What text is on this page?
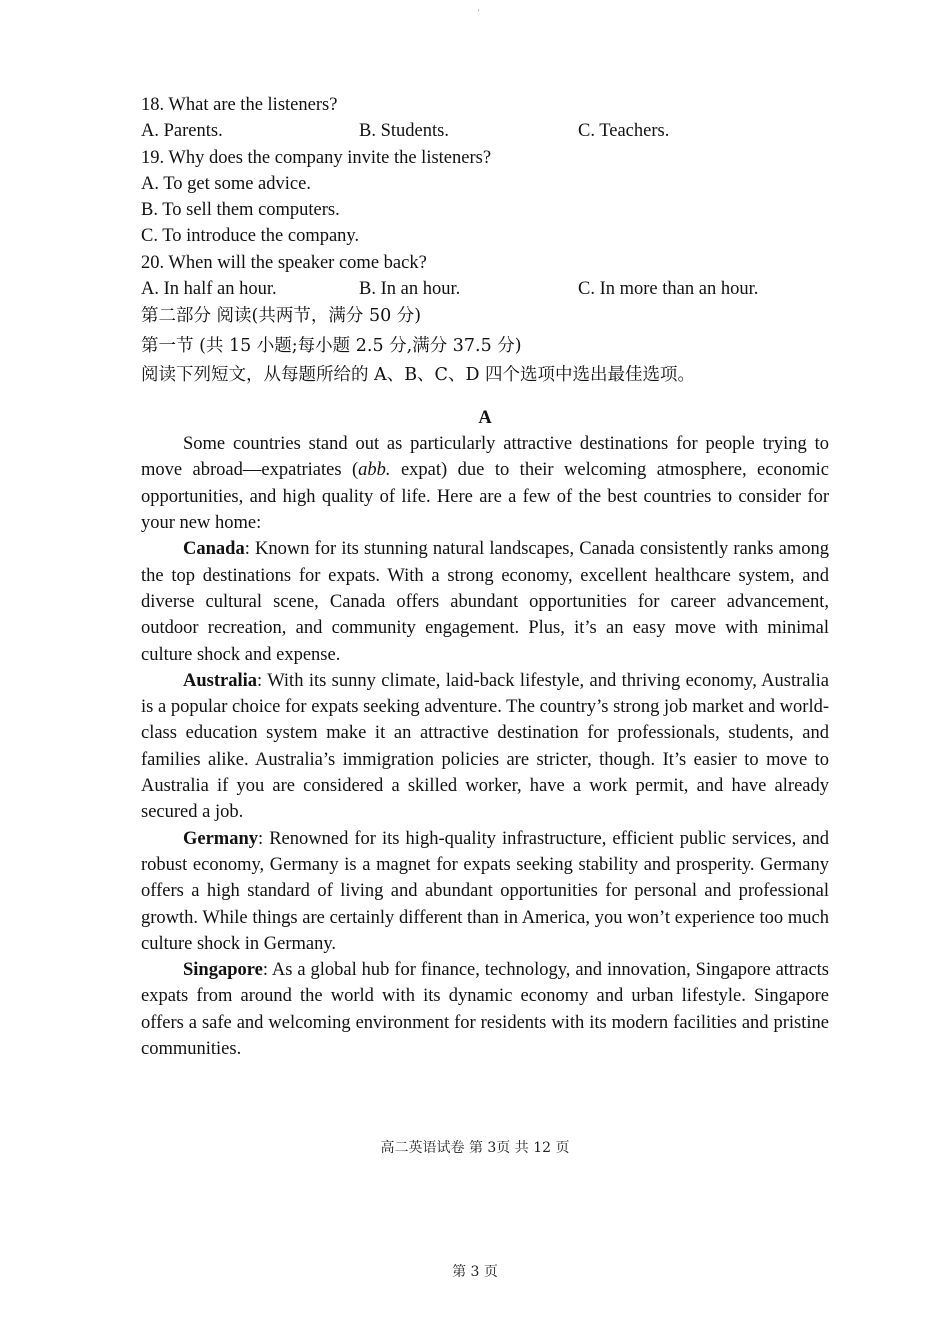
'
18. What are the listeners?
A. Parents.	B. Students.	C. Teachers.
19. Why does the company invite the listeners?
A. To get some advice.
B. To sell them computers.
C. To introduce the company.
20. When will the speaker come back?
A. In half an hour.	B. In an hour.	C. In more than an hour.
第二部分 阅读(共两节，满分 50 分)
第一节 (共 15 小题;每小题 2.5 分,满分 37.5 分)
阅读下列短文，从每题所给的 A、B、C、D 四个选项中选出最佳选项。
A

Some countries stand out as particularly attractive destinations for people trying to move abroad—expatriates (abb. expat) due to their welcoming atmosphere, economic opportunities, and high quality of life. Here are a few of the best countries to consider for your new home:

Canada: Known for its stunning natural landscapes, Canada consistently ranks among the top destinations for expats. With a strong economy, excellent healthcare system, and diverse cultural scene, Canada offers abundant opportunities for career advancement, outdoor recreation, and community engagement. Plus, it’s an easy move with minimal culture shock and expense.

Australia: With its sunny climate, laid-back lifestyle, and thriving economy, Australia is a popular choice for expats seeking adventure. The country’s strong job market and world-class education system make it an attractive destination for professionals, students, and families alike. Australia’s immigration policies are stricter, though. It’s easier to move to Australia if you are considered a skilled worker, have a work permit, and have already secured a job.

Germany: Renowned for its high-quality infrastructure, efficient public services, and robust economy, Germany is a magnet for expats seeking stability and prosperity. Germany offers a high standard of living and abundant opportunities for personal and professional growth. While things are certainly different than in America, you won’t experience too much culture shock in Germany.

Singapore: As a global hub for finance, technology, and innovation, Singapore attracts expats from around the world with its dynamic economy and urban lifestyle. Singapore offers a safe and welcoming environment for residents with its modern facilities and pristine communities.

高二英语试卷 第 3页 共 12 页
第 3 页
